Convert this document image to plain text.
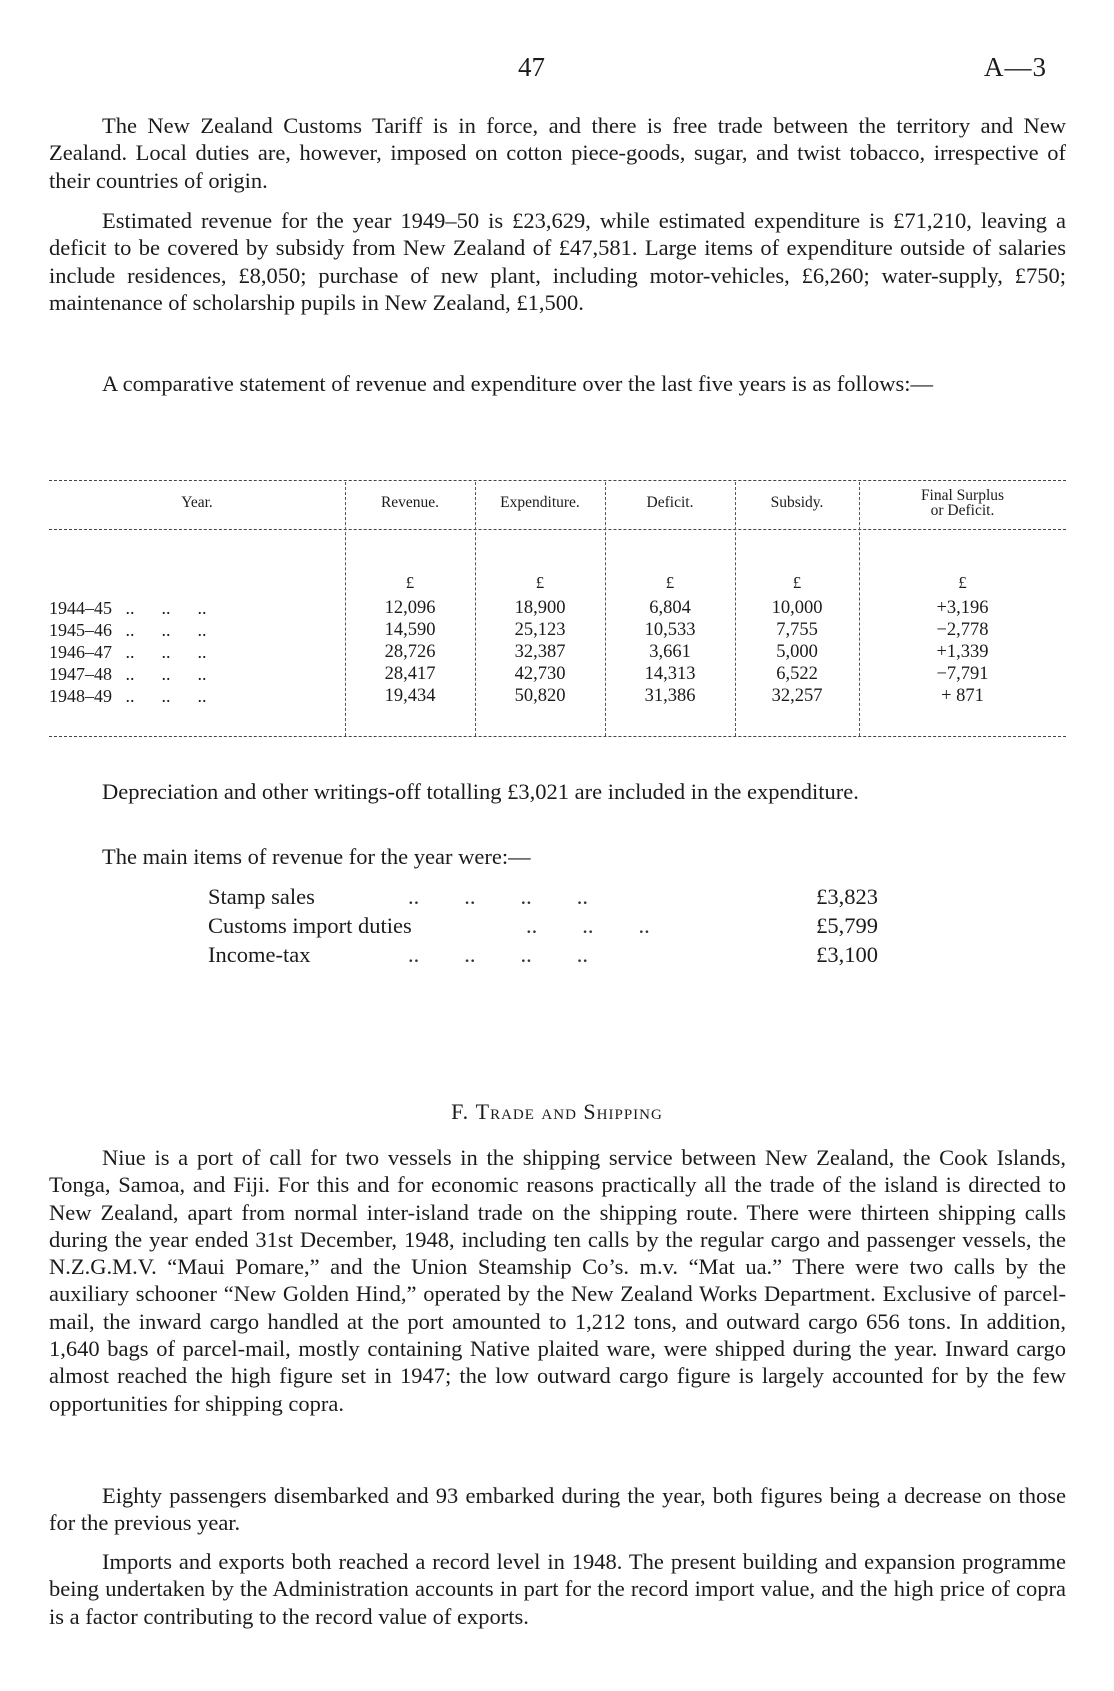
47	A—3

The New Zealand Customs Tariff is in force, and there is free trade between the territory and New Zealand. Local duties are, however, imposed on cotton piece-goods, sugar, and twist tobacco, irrespective of their countries of origin.

Estimated revenue for the year 1949–50 is £23,629, while estimated expenditure is £71,210, leaving a deficit to be covered by subsidy from New Zealand of £47,581. Large items of expenditure outside of salaries include residences, £8,050; purchase of new plant, including motor-vehicles, £6,260; water-supply, £750; maintenance of scholarship pupils in New Zealand, £1,500.

A comparative statement of revenue and expenditure over the last five years is as follows:—

Year.	Revenue.	Expenditure.	Deficit.	Subsidy.	Final Surplus
or Deficit.
£	£	£	£	£
1944–45   ..      ..      ..	12,096	18,900	6,804	10,000	+3,196
1945–46   ..      ..      ..	14,590	25,123	10,533	7,755	−2,778
1946–47   ..      ..      ..	28,726	32,387	3,661	5,000	+1,339
1947–48   ..      ..      ..	28,417	42,730	14,313	6,522	−7,791
1948–49   ..      ..      ..	19,434	50,820	31,386	32,257	+ 871

Depreciation and other writings-off totalling £3,021 are included in the expenditure.

The main items of revenue for the year were:—

Stamp sales	..        ..        ..        ..	£3,823
Customs import duties	..        ..        ..	£5,799
Income-tax	..        ..        ..        ..	£3,100
F. Trade and Shipping

Niue is a port of call for two vessels in the shipping service between New Zealand, the Cook Islands, Tonga, Samoa, and Fiji. For this and for economic reasons practically all the trade of the island is directed to New Zealand, apart from normal inter-island trade on the shipping route. There were thirteen shipping calls during the year ended 31st December, 1948, including ten calls by the regular cargo and passenger vessels, the N.Z.G.M.V. “Maui Pomare,” and the Union Steamship Co’s. m.v. “Mat ua.” There were two calls by the auxiliary schooner “New Golden Hind,” operated by the New Zealand Works Department. Exclusive of parcel-mail, the inward cargo handled at the port amounted to 1,212 tons, and outward cargo 656 tons. In addition, 1,640 bags of parcel-mail, mostly containing Native plaited ware, were shipped during the year. Inward cargo almost reached the high figure set in 1947; the low outward cargo figure is largely accounted for by the few opportunities for shipping copra.

Eighty passengers disembarked and 93 embarked during the year, both figures being a decrease on those for the previous year.

Imports and exports both reached a record level in 1948. The present building and expansion programme being undertaken by the Administration accounts in part for the record import value, and the high price of copra is a factor contributing to the record value of exports.
